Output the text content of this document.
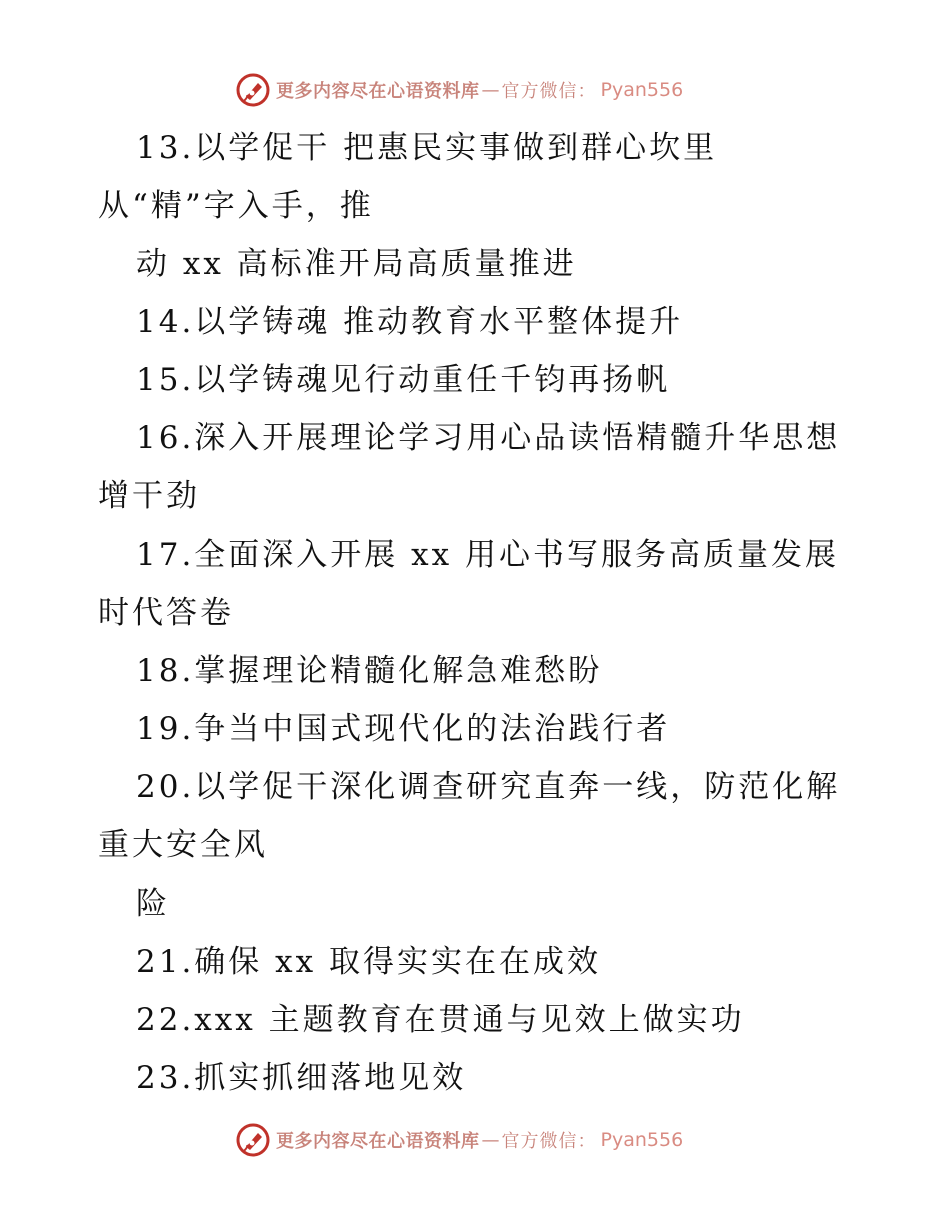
更多内容尽在心语资料库 — 官方微信： Pyan556
13.以学促干 把惠民实事做到群心坎里
从“精”字入手，推
动 xx 高标准开局高质量推进
14.以学铸魂 推动教育水平整体提升
15.以学铸魂见行动重任千钧再扬帆
16.深入开展理论学习用心品读悟精髓升华思想
增干劲
17.全面深入开展 xx 用心书写服务高质量发展
时代答卷
18.掌握理论精髓化解急难愁盼
19.争当中国式现代化的法治践行者
20.以学促干深化调查研究直奔一线，防范化解
重大安全风
险
21.确保 xx 取得实实在在成效
22.xxx 主题教育在贯通与见效上做实功
23.抓实抓细落地见效
更多内容尽在心语资料库 — 官方微信： Pyan556
